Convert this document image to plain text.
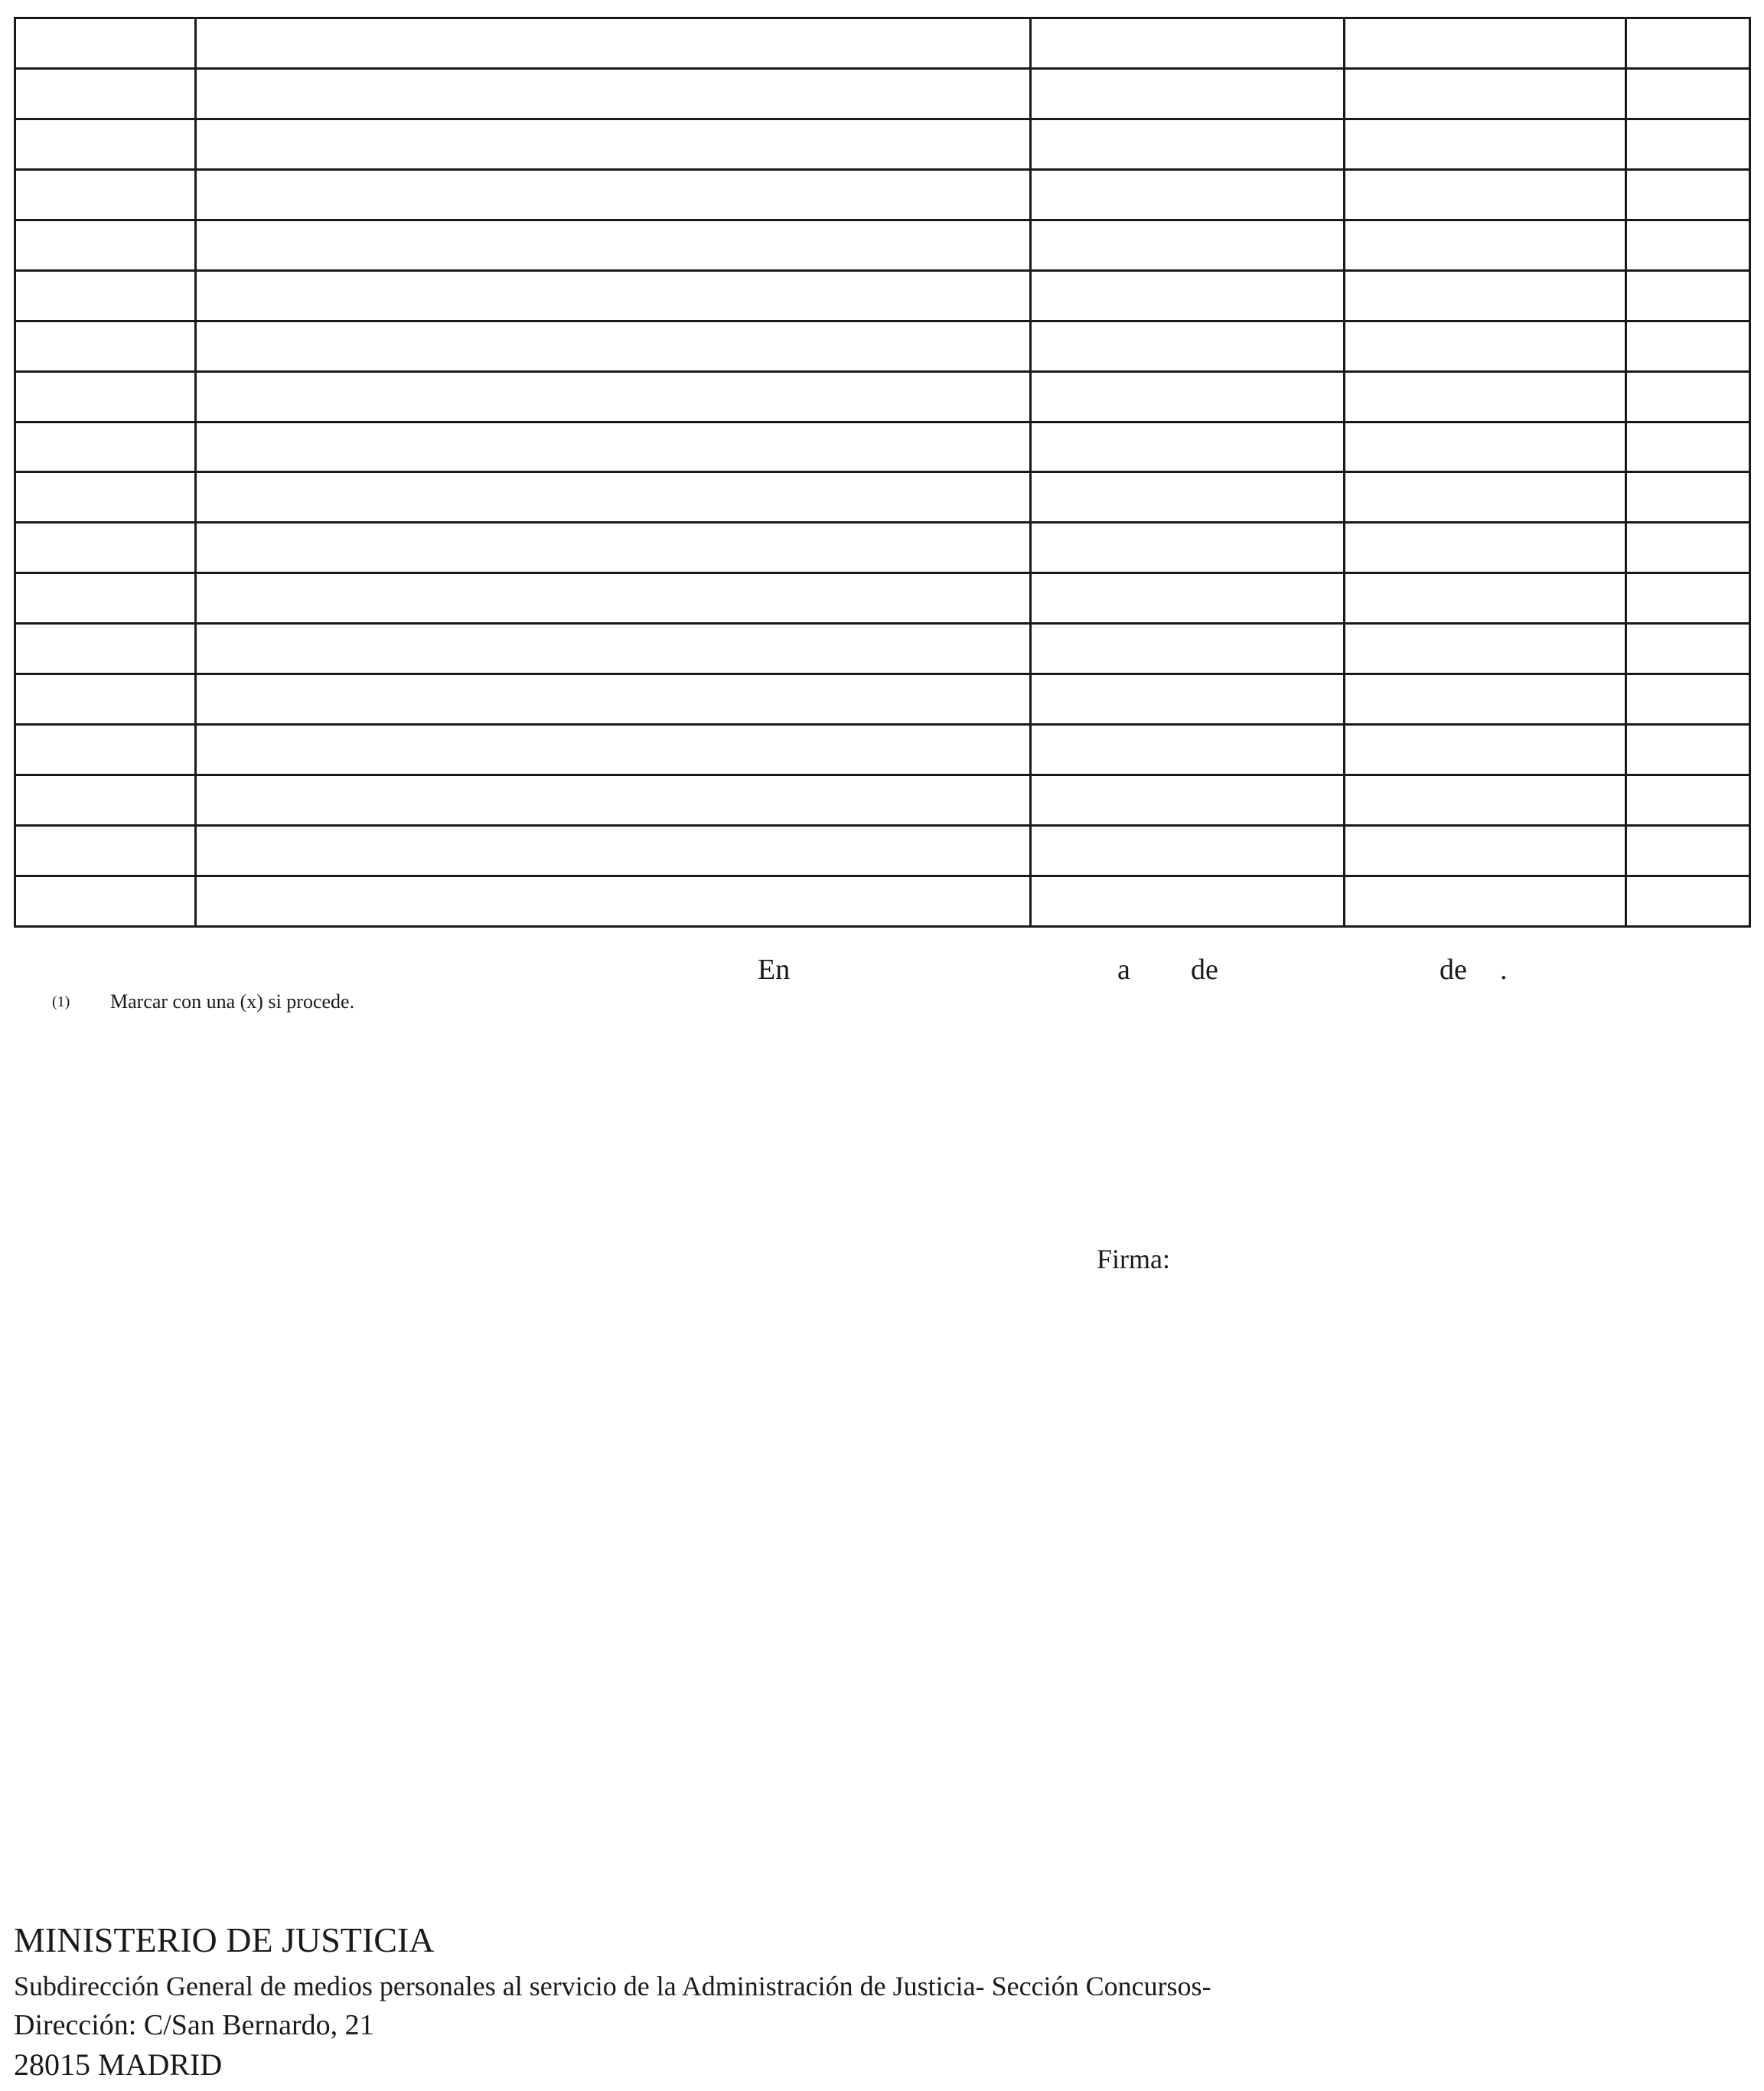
En	a de	de .
(1) Marcar con una (x) si procede.
Firma:
MINISTERIO DE JUSTICIA
Subdirección General de medios personales al servicio de la Administración de Justicia- Sección Concursos-
Dirección: C/San Bernardo, 21
28015 MADRID
